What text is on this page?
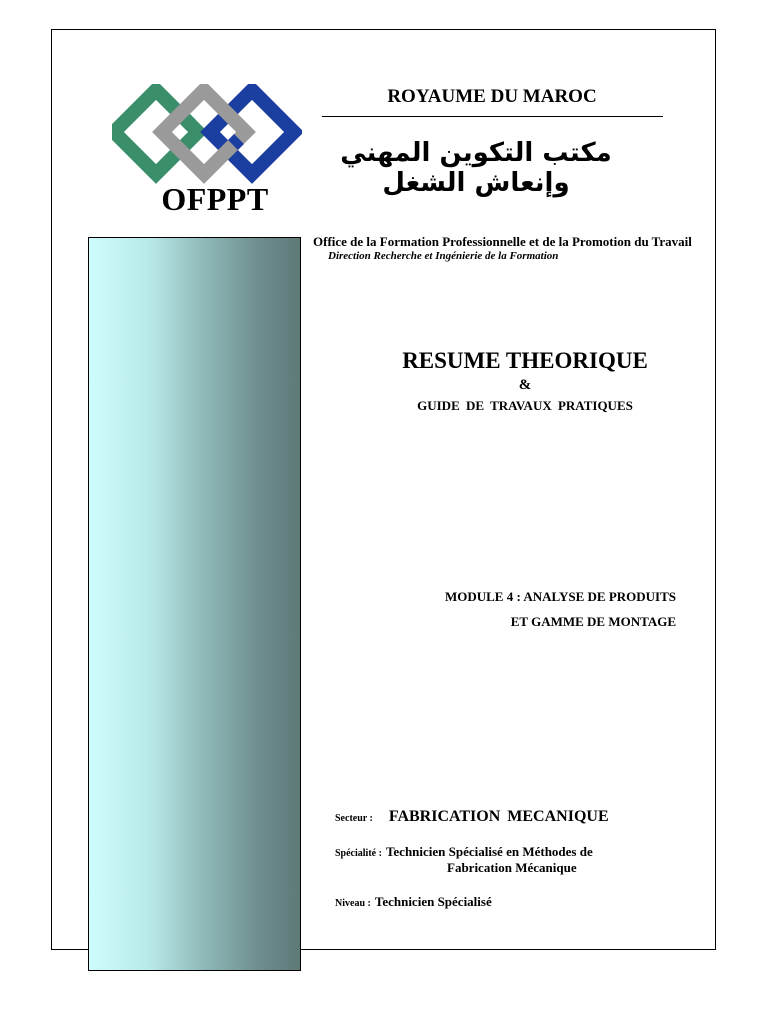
OFPPT
ROYAUME DU MAROC
مكتب التكوين المهني وإنعاش الشغل
Office de la Formation Professionnelle et de la Promotion du Travail
Direction Recherche et Ingénierie de la Formation
RESUME THEORIQUE
&
GUIDE DE TRAVAUX PRATIQUES
MODULE 4 : ANALYSE DE PRODUITS
ET GAMME DE MONTAGE
Secteur : FABRICATION MECANIQUE
Spécialité : Technicien Spécialisé en Méthodes de
Fabrication Mécanique
Niveau : Technicien Spécialisé
